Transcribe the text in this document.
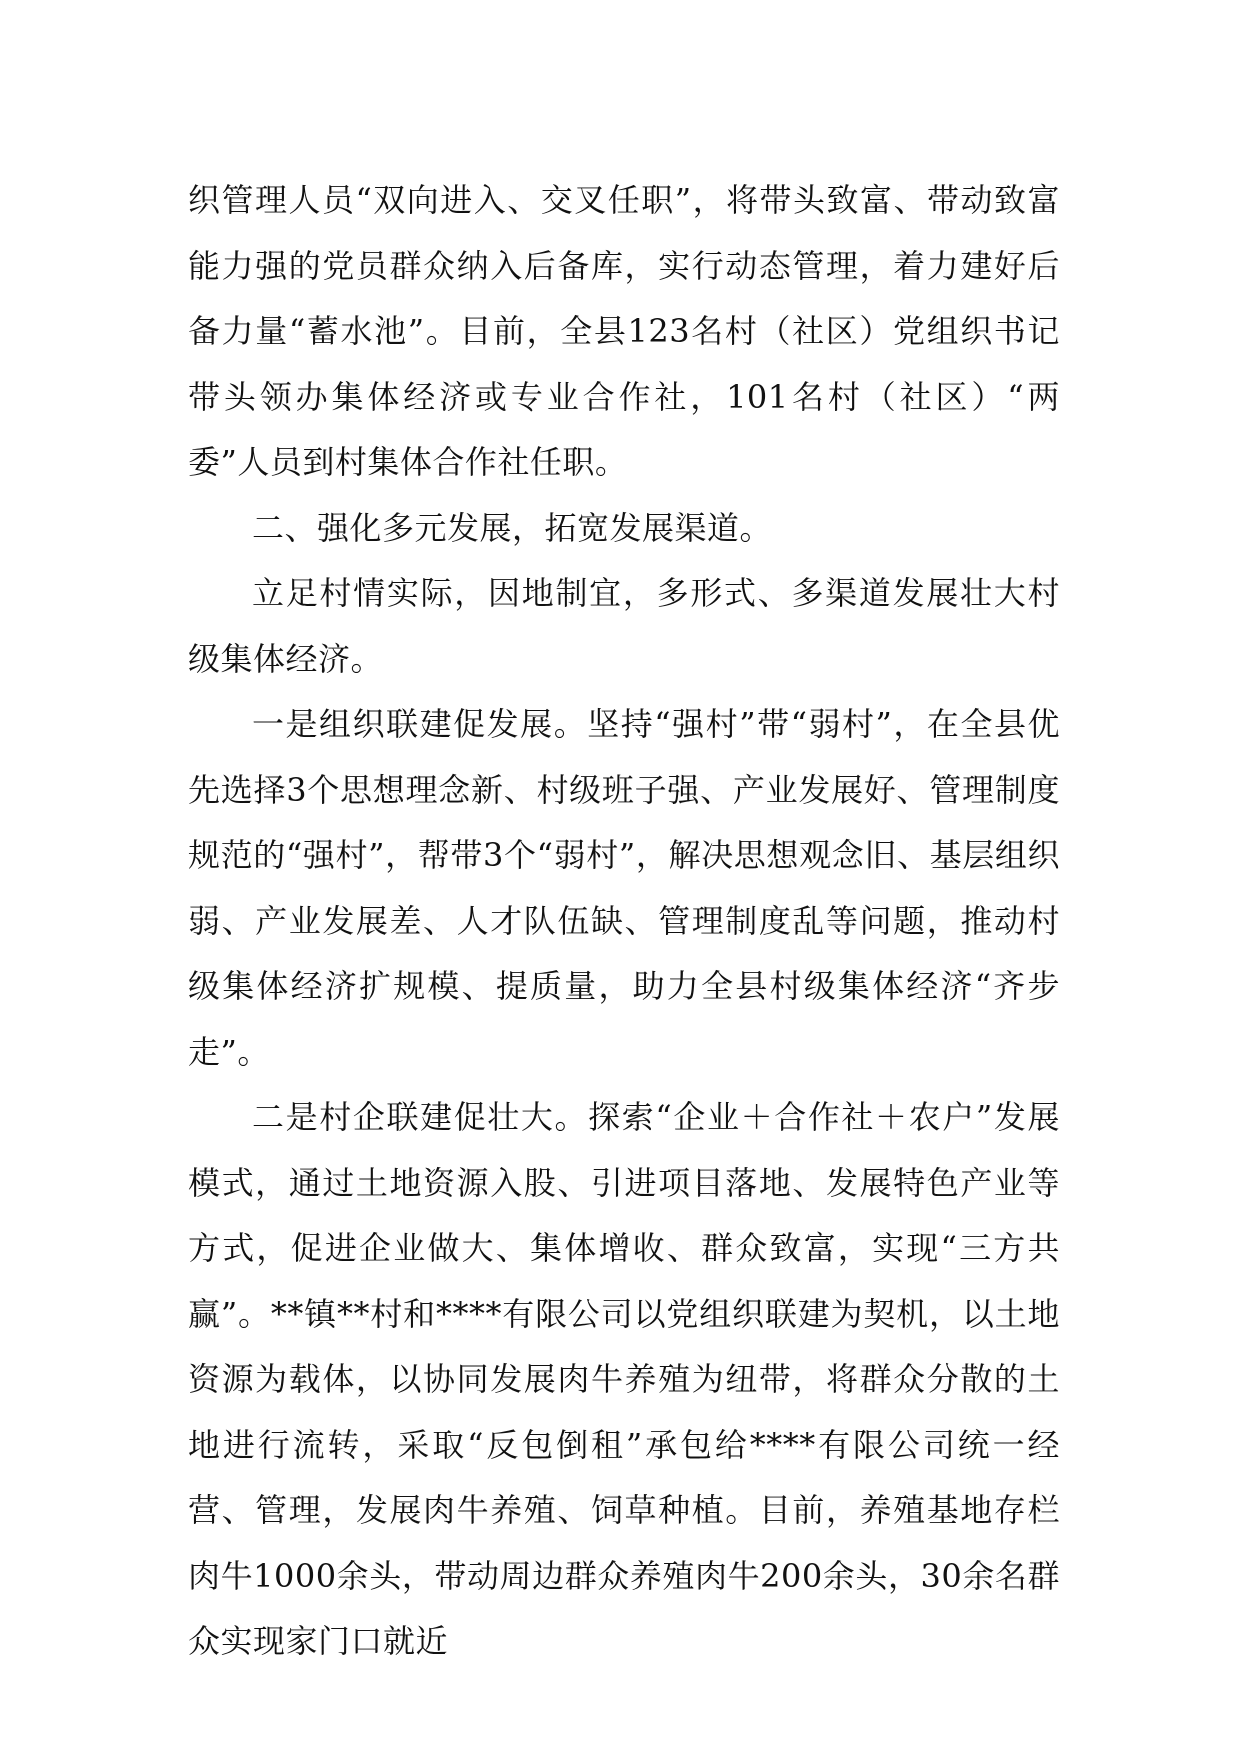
织管理人员“双向进入、交叉任职”，将带头致富、带动致富能力强的党员群众纳入后备库，实行动态管理，着力建好后备力量“蓄水池”。目前，全县123名村（社区）党组织书记带头领办集体经济或专业合作社，101名村（社区）“两委”人员到村集体合作社任职。

二、强化多元发展，拓宽发展渠道。

立足村情实际，因地制宜，多形式、多渠道发展壮大村级集体经济。

一是组织联建促发展。坚持“强村”带“弱村”，在全县优先选择3个思想理念新、村级班子强、产业发展好、管理制度规范的“强村”，帮带3个“弱村”，解决思想观念旧、基层组织弱、产业发展差、人才队伍缺、管理制度乱等问题，推动村级集体经济扩规模、提质量，助力全县村级集体经济“齐步走”。

二是村企联建促壮大。探索“企业＋合作社＋农户”发展模式，通过土地资源入股、引进项目落地、发展特色产业等方式，促进企业做大、集体增收、群众致富，实现“三方共赢”。**镇**村和****有限公司以党组织联建为契机，以土地资源为载体，以协同发展肉牛养殖为纽带，将群众分散的土地进行流转，采取“反包倒租”承包给****有限公司统一经营、管理，发展肉牛养殖、饲草种植。目前，养殖基地存栏肉牛1000余头，带动周边群众养殖肉牛200余头，30余名群众实现家门口就近
